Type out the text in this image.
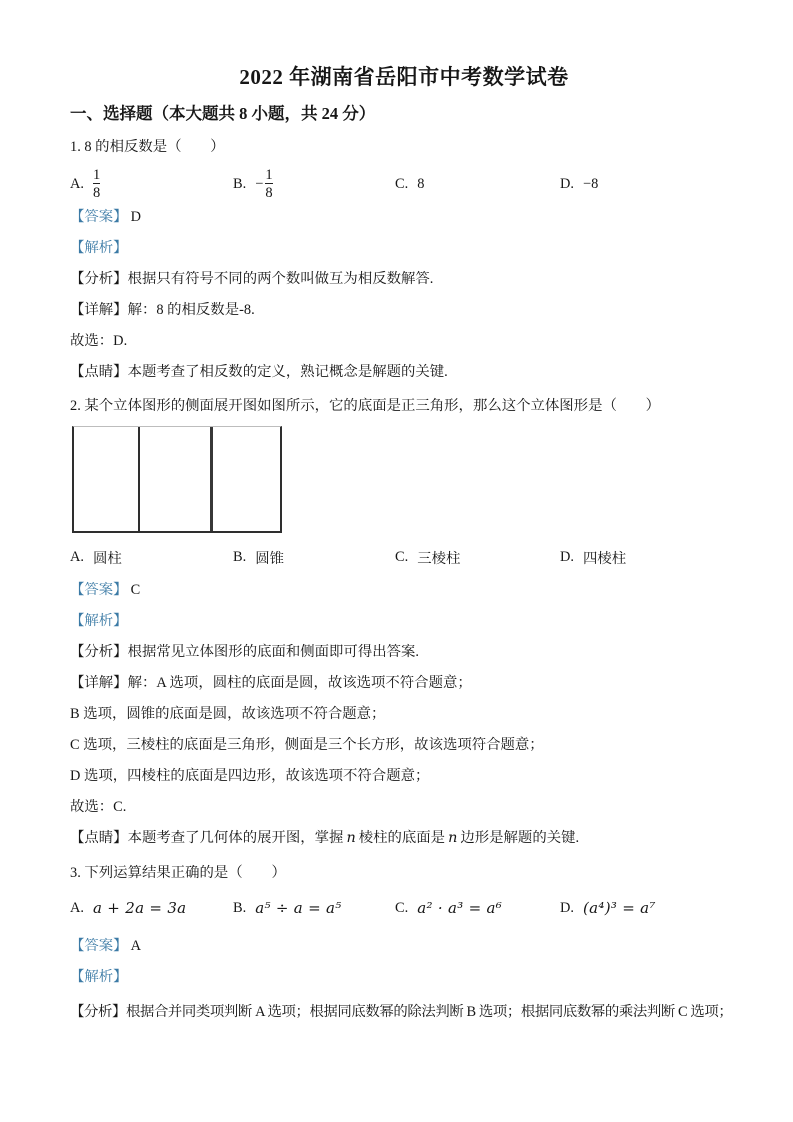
2022 年湖南省岳阳市中考数学试卷
一、选择题（本大题共 8 小题，共 24 分）

1. 8 的相反数是（　　）

A. $\frac{1}{8}$	B. − $\frac{1}{8}$	C. 8	D. −8

【答案】 D

【解析】

【分析】根据只有符号不同的两个数叫做互为相反数解答.

【详解】解：8 的相反数是-8.

故选：D.

【点睛】本题考查了相反数的定义，熟记概念是解题的关键.

2. 某个立体图形的侧面展开图如图所示，它的底面是正三角形，那么这个立体图形是（　　）

A. 圆柱	B. 圆锥	C. 三棱柱	D. 四棱柱

【答案】 C

【解析】

【分析】根据常见立体图形的底面和侧面即可得出答案.

【详解】解：A 选项，圆柱的底面是圆，故该选项不符合题意；

B 选项，圆锥的底面是圆，故该选项不符合题意；

C 选项，三棱柱的底面是三角形，侧面是三个长方形，故该选项符合题意；

D 选项，四棱柱的底面是四边形，故该选项不符合题意；

故选：C.

【点睛】本题考查了几何体的展开图，掌握 n 棱柱的底面是 n 边形是解题的关键.

3. 下列运算结果正确的是（　　）

A. a + 2a = 3a	B. a⁵ ÷ a = a⁵	C. a² · a³ = a⁶	D. (a⁴)³ = a⁷

【答案】 A

【解析】

【分析】根据合并同类项判断 A 选项；根据同底数幂的除法判断 B 选项；根据同底数幂的乘法判断 C 选项；
